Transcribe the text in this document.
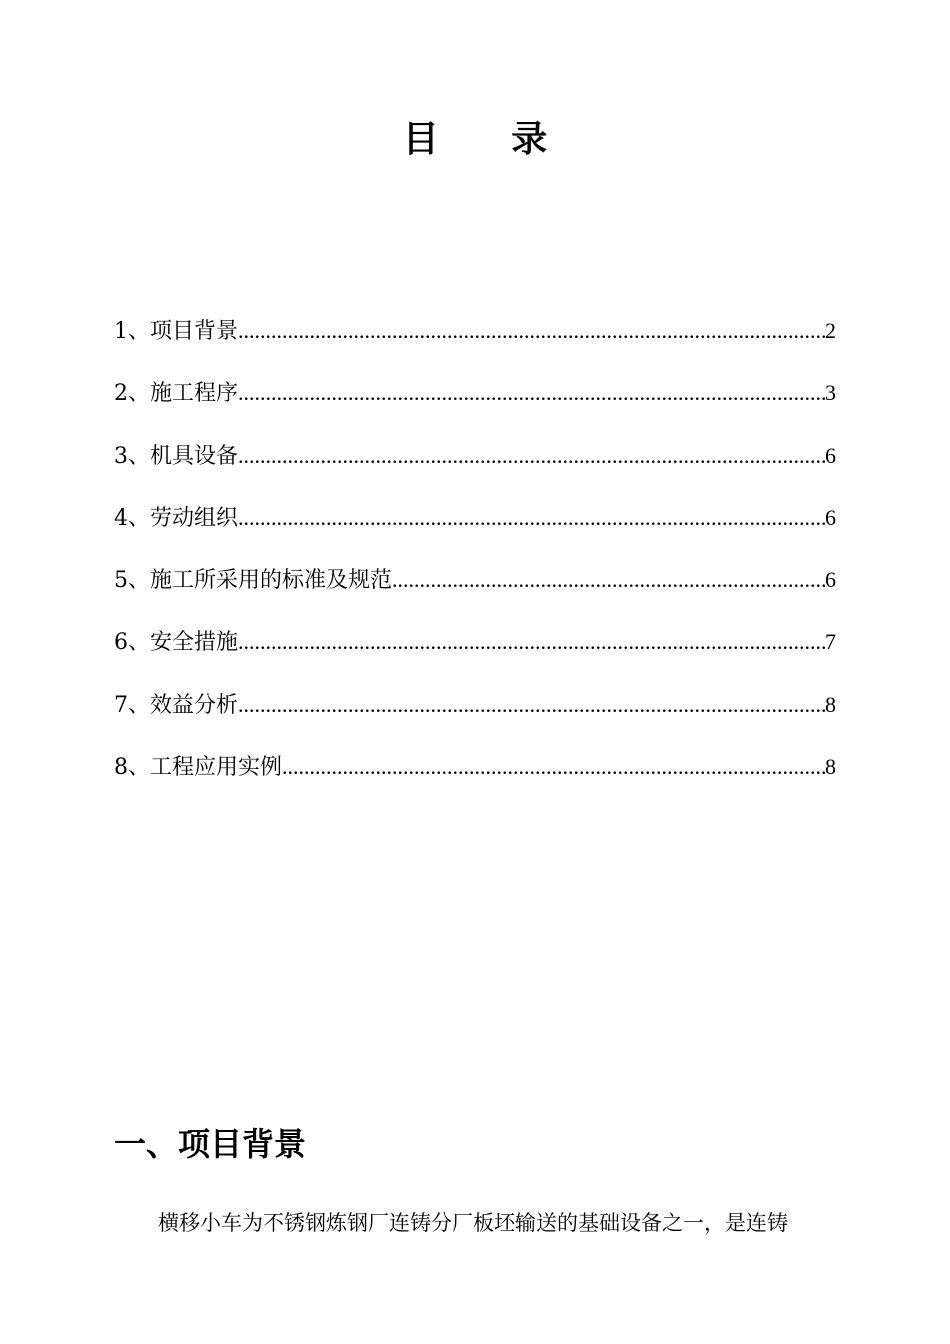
目 录
1、项目背景 .....	2
2、施工程序 .....	3
3、机具设备 .....	6
4、劳动组织 .....	6
5、施工所采用的标准及规范 .....	6
6、安全措施 .....	7
7、效益分析 .....	8
8、工程应用实例 .....	8
一、项目背景

横移小车为不锈钢炼钢厂连铸分厂板坯输送的基础设备之一，是连铸
